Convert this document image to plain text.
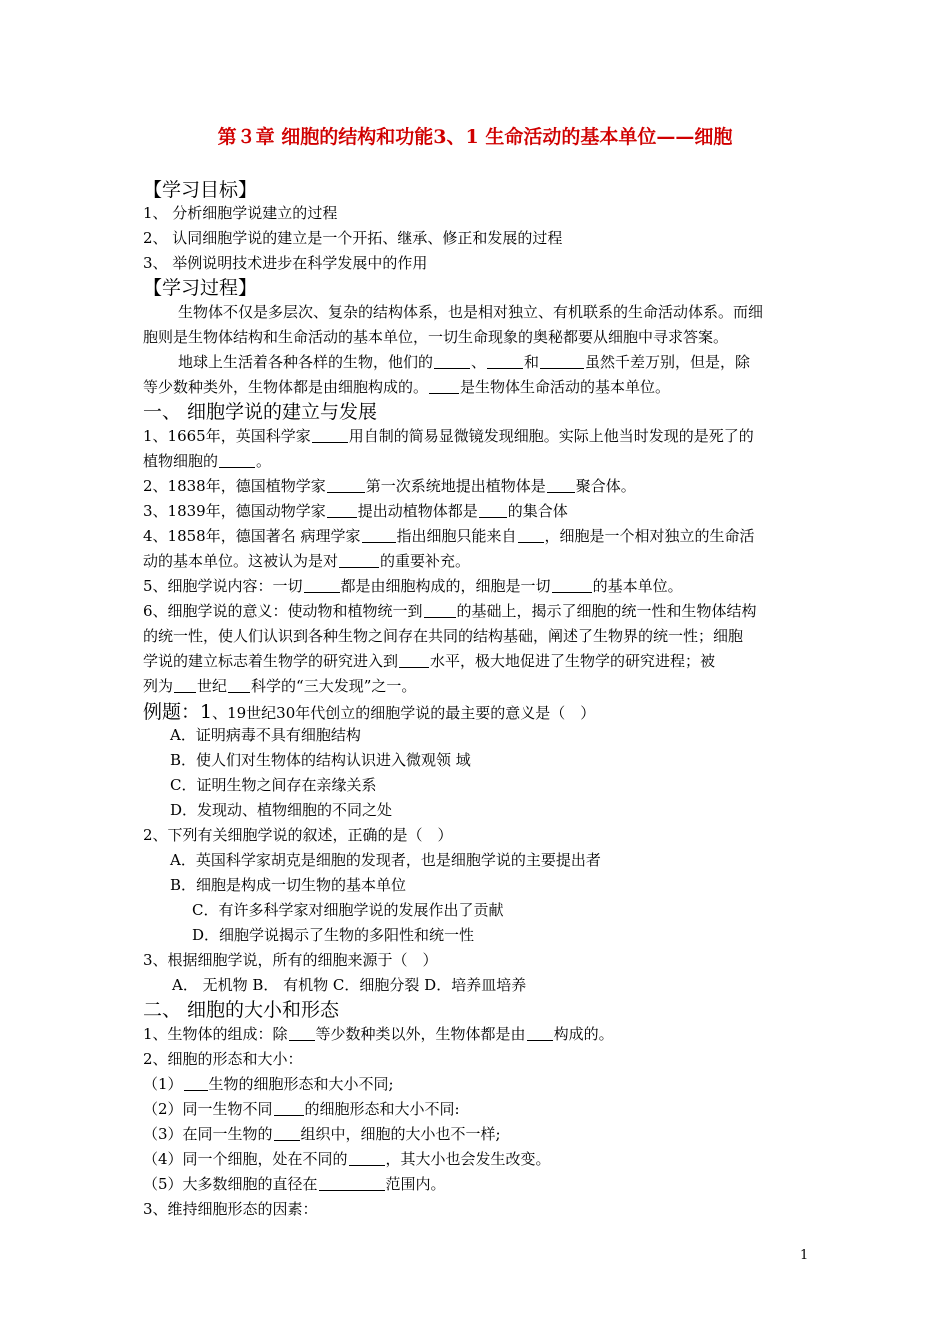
第３章 细胞的结构和功能3、1 生命活动的基本单位——细胞
【学习目标】
1、 分析细胞学说建立的过程
2、 认同细胞学说的建立是一个开拓、继承、修正和发展的过程
3、 举例说明技术进步在科学发展中的作用
【学习过程】
生物体不仅是多层次、复杂的结构体系，也是相对独立、有机联系的生命活动体系。而细
胞则是生物体结构和生命活动的基本单位，一切生命现象的奥秘都要从细胞中寻求答案。
地球上生活着各种各样的生物，他们的	、	和	虽然千差万别，但是，除
等少数种类外，生物体都是由细胞构成的。 是生物体生命活动的基本单位。
一、 细胞学说的建立与发展
1、1665年，英国科学家	用自制的简易显微镜发现细胞。实际上他当时发现的是死了的
植物细胞的	。
2、1838年，德国植物学家	第一次系统地提出植物体是 聚合体。
3、1839年，德国动物学家 提出动植物体都是 的集合体
4、1858年，德国著名 病理学家 指出细胞只能来自 ，细胞是一个相对独立的生命活
动的基本单位。这被认为是对	的重要补充。
5、细胞学说内容：一切	都是由细胞构成的，细胞是一切	的基本单位。
6、细胞学说的意义：使动物和植物统一到 的基础上，揭示了细胞的统一性和生物体结构
的统一性，使人们认识到各种生物之间存在共同的结构基础，阐述了生物界的统一性；细胞
学说的建立标志着生物学的研究进入到 水平，极大地促进了生物学的研究进程；被
列为 世纪 科学的“三大发现”之一。
例题：1、19世纪30年代创立的细胞学说的最主要的意义是（　）
A．证明病毒不具有细胞结构
B．使人们对生物体的结构认识进入微观领 域
C．证明生物之间存在亲缘关系
D．发现动、植物细胞的不同之处
2、下列有关细胞学说的叙述，正确的是（　）
A．英国科学家胡克是细胞的发现者，也是细胞学说的主要提出者
B．细胞是构成一切生物的基本单位
C．有许多科学家对细胞学说的发展作出了贡献
D．细胞学说揭示了生物的多阳性和统一性
3、根据细胞学说，所有的细胞来源于（　）
A． 无机物 B． 有机物 C．细胞分裂 D．培养皿培养
二、 细胞的大小和形态
1、生物体的组成：除 等少数种类以外，生物体都是由 构成的。
2、细胞的形态和大小：
（1） 生物的细胞形态和大小不同;
（2）同一生物不同 的细胞形态和大小不同:
（3）在同一生物的 组织中，细胞的大小也不一样;
（4）同一个细胞，处在不同的	，其大小也会发生改变。
（5）大多数细胞的直径在	范围内。
3、维持细胞形态的因素：
1
